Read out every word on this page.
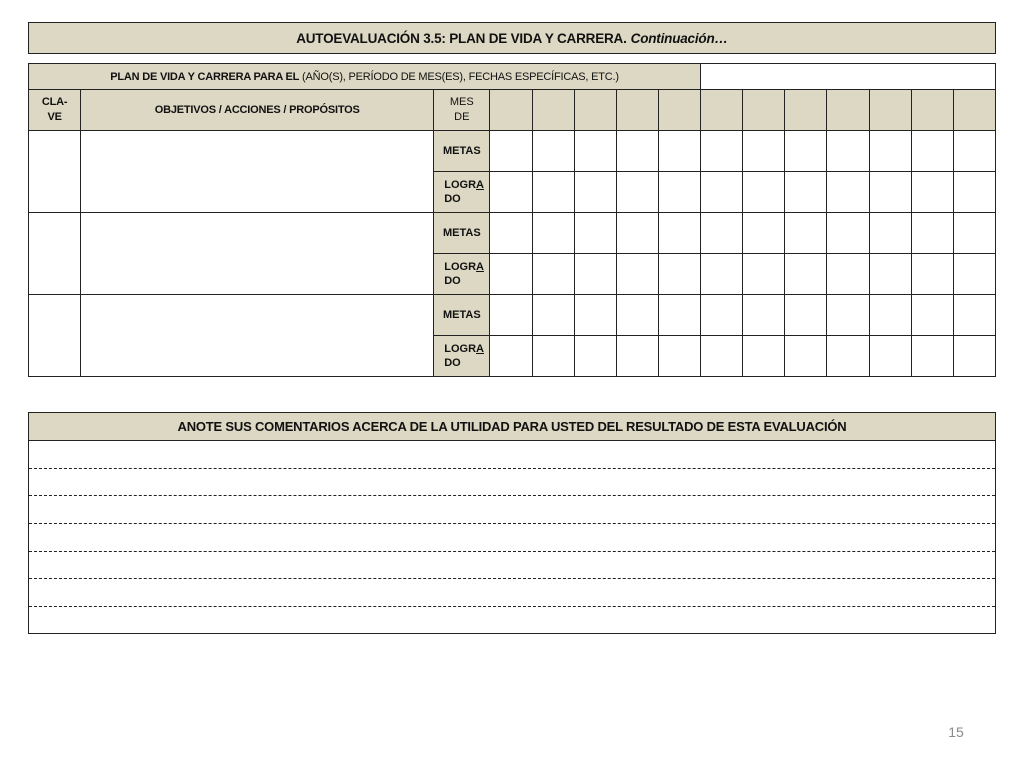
AUTOEVALUACIÓN 3.5: PLAN DE VIDA Y CARRERA. Continuación…
PLAN DE VIDA Y CARRERA PARA EL (AÑO(S), PERÍODO DE MES(ES), FECHAS ESPECÍFICAS, ETC.)														
CLA-
VE	OBJETIVOS / ACCIONES / PROPÓSITOS	MES
DE												
		METAS												
		LOGRA
DO												
		METAS												
		LOGRA
DO												
		METAS												
		LOGRA
DO												
ANOTE SUS COMENTARIOS ACERCA DE LA UTILIDAD PARA USTED DEL RESULTADO DE ESTA EVALUACIÓN
15
